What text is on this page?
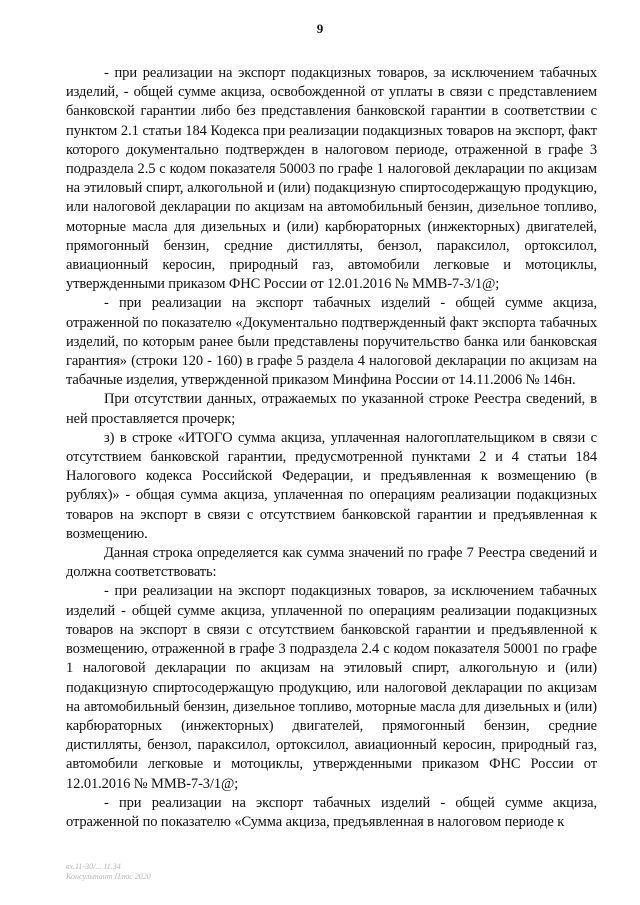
9

- при реализации на экспорт подакцизных товаров, за исключением табачных изделий, - общей сумме акциза, освобожденной от уплаты в связи с представлением банковской гарантии либо без представления банковской гарантии в соответствии с пунктом 2.1 статьи 184 Кодекса при реализации подакцизных товаров на экспорт, факт которого документально подтвержден в налоговом периоде, отраженной в графе 3 подраздела 2.5 с кодом показателя 50003 по графе 1 налоговой декларации по акцизам на этиловый спирт, алкогольной и (или) подакцизную спиртосодержащую продукцию, или налоговой декларации по акцизам на автомобильный бензин, дизельное топливо, моторные масла для дизельных и (или) карбюраторных (инжекторных) двигателей, прямогонный бензин, средние дистилляты, бензол, параксилол, ортоксилол, авиационный керосин, природный газ, автомобили легковые и мотоциклы, утвержденными приказом ФНС России от 12.01.2016 № ММВ-7-3/1@;

- при реализации на экспорт табачных изделий - общей сумме акциза, отраженной по показателю «Документально подтвержденный факт экспорта табачных изделий, по которым ранее были представлены поручительство банка или банковская гарантия» (строки 120 - 160) в графе 5 раздела 4 налоговой декларации по акцизам на табачные изделия, утвержденной приказом Минфина России от 14.11.2006 № 146н.

При отсутствии данных, отражаемых по указанной строке Реестра сведений, в ней проставляется прочерк;

з) в строке «ИТОГО сумма акциза, уплаченная налогоплательщиком в связи с отсутствием банковской гарантии, предусмотренной пунктами 2 и 4 статьи 184 Налогового кодекса Российской Федерации, и предъявленная к возмещению (в рублях)» - общая сумма акциза, уплаченная по операциям реализации подакцизных товаров на экспорт в связи с отсутствием банковской гарантии и предъявленная к возмещению.

Данная строка определяется как сумма значений по графе 7 Реестра сведений и должна соответствовать:

- при реализации на экспорт подакцизных товаров, за исключением табачных изделий - общей сумме акциза, уплаченной по операциям реализации подакцизных товаров на экспорт в связи с отсутствием банковской гарантии и предъявленной к возмещению, отраженной в графе 3 подраздела 2.4 с кодом показателя 50001 по графе 1 налоговой декларации по акцизам на этиловый спирт, алкогольную и (или) подакцизную спиртосодержащую продукцию, или налоговой декларации по акцизам на автомобильный бензин, дизельное топливо, моторные масла для дизельных и (или) карбюраторных (инжекторных) двигателей, прямогонный бензин, средние дистилляты, бензол, параксилол, ортоксилол, авиационный керосин, природный газ, автомобили легковые и мотоциклы, утвержденными приказом ФНС России от 12.01.2016 № ММВ-7-3/1@;

- при реализации на экспорт табачных изделий - общей сумме акциза, отраженной по показателю «Сумма акциза, предъявленная в налоговом периоде к

вх.11-30/... 11.34
Консультант Плюс 2020
